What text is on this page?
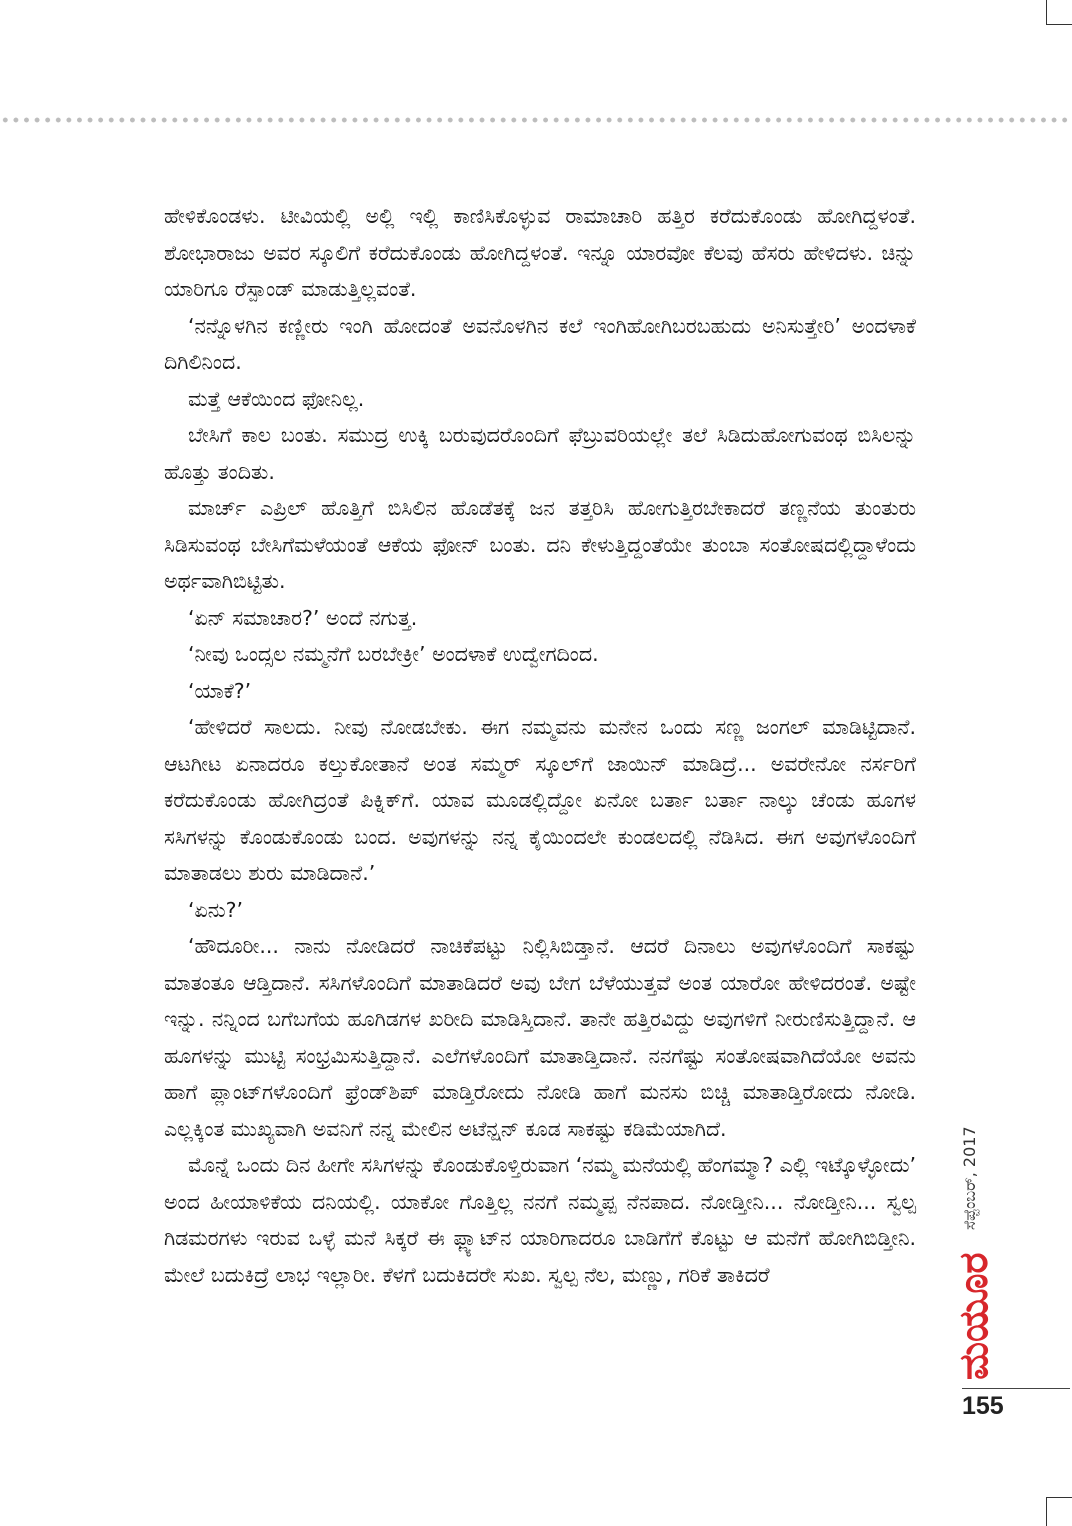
ಹೇಳಿಕೊಂಡಳು. ಟೀವಿಯಲ್ಲಿ ಅಲ್ಲಿ ಇಲ್ಲಿ ಕಾಣಿಸಿಕೊಳ್ಳುವ ರಾಮಾಚಾರಿ ಹತ್ತಿರ ಕರೆದುಕೊಂಡು ಹೋಗಿದ್ದಳಂತೆ. ಶೋಭಾರಾಜು ಅವರ ಸ್ಕೂಲಿಗೆ ಕರೆದುಕೊಂಡು ಹೋಗಿದ್ದಳಂತೆ. ಇನ್ನೂ ಯಾರವೋ ಕೆಲವು ಹೆಸರು ಹೇಳಿದಳು. ಚಿನ್ನು ಯಾರಿಗೂ ರೆಸ್ಪಾಂಡ್ ಮಾಡುತ್ತಿಲ್ಲವಂತೆ.

‘ನನ್ನೊಳಗಿನ ಕಣ್ಣೀರು ಇಂಗಿ ಹೋದಂತೆ ಅವನೊಳಗಿನ ಕಲೆ ಇಂಗಿಹೋಗಿಬರಬಹುದು ಅನಿಸುತ್ತೇರಿ’ ಅಂದಳಾಕೆ ದಿಗಿಲಿನಿಂದ.

ಮತ್ತೆ ಆಕೆಯಿಂದ ಫೋನಿಲ್ಲ.

ಬೇಸಿಗೆ ಕಾಲ ಬಂತು. ಸಮುದ್ರ ಉಕ್ಕಿ ಬರುವುದರೊಂದಿಗೆ ಫೆಬ್ರುವರಿಯಲ್ಲೇ ತಲೆ ಸಿಡಿದುಹೋಗುವಂಥ ಬಿಸಿಲನ್ನು ಹೊತ್ತು ತಂದಿತು.

ಮಾರ್ಚ್ ಎಪ್ರಿಲ್ ಹೊತ್ತಿಗೆ ಬಿಸಿಲಿನ ಹೊಡೆತಕ್ಕೆ ಜನ ತತ್ತರಿಸಿ ಹೋಗುತ್ತಿರಬೇಕಾದರೆ ತಣ್ಣನೆಯ ತುಂತುರು ಸಿಡಿಸುವಂಥ ಬೇಸಿಗೆಮಳೆಯಂತೆ ಆಕೆಯ ಫೋನ್ ಬಂತು. ದನಿ ಕೇಳುತ್ತಿದ್ದಂತೆಯೇ ತುಂಬಾ ಸಂತೋಷದಲ್ಲಿದ್ದಾಳೆಂದು ಅರ್ಥವಾಗಿಬಿಟ್ಟಿತು.

‘ಏನ್ ಸಮಾಚಾರ?’ ಅಂದೆ ನಗುತ್ತ.

‘ನೀವು ಒಂದ್ಸಲ ನಮ್ಮನೆಗೆ ಬರಬೇಕ್ರೀ’ ಅಂದಳಾಕೆ ಉದ್ವೇಗದಿಂದ.

‘ಯಾಕೆ?’

‘ಹೇಳಿದರೆ ಸಾಲದು. ನೀವು ನೋಡಬೇಕು. ಈಗ ನಮ್ಮವನು ಮನೇನ ಒಂದು ಸಣ್ಣ ಜಂಗಲ್ ಮಾಡಿಟ್ಟಿದಾನೆ. ಆಟಗೀಟ ಏನಾದರೂ ಕಲ್ತುಕೋತಾನೆ ಅಂತ ಸಮ್ಮರ್ ಸ್ಕೂಲ್‌ಗೆ ಜಾಯಿನ್ ಮಾಡಿದ್ರೆ... ಅವರೇನೋ ನರ್ಸರಿಗೆ ಕರೆದುಕೊಂಡು ಹೋಗಿದ್ರಂತೆ ಪಿಕ್ನಿಕ್‌ಗೆ. ಯಾವ ಮೂಡಲ್ಲಿದ್ದೋ ಏನೋ ಬರ್ತಾ ಬರ್ತಾ ನಾಲ್ಕು ಚೆಂಡು ಹೂಗಳ ಸಸಿಗಳನ್ನು ಕೊಂಡುಕೊಂಡು ಬಂದ. ಅವುಗಳನ್ನು ನನ್ನ ಕೈಯಿಂದಲೇ ಕುಂಡಲದಲ್ಲಿ ನೆಡಿಸಿದ. ಈಗ ಅವುಗಳೊಂದಿಗೆ ಮಾತಾಡಲು ಶುರು ಮಾಡಿದಾನೆ.’

‘ಏನು?’

‘ಹೌದೂರೀ... ನಾನು ನೋಡಿದರೆ ನಾಚಿಕೆಪಟ್ಟು ನಿಲ್ಲಿಸಿಬಿಡ್ತಾನೆ. ಆದರೆ ದಿನಾಲು ಅವುಗಳೊಂದಿಗೆ ಸಾಕಷ್ಟು ಮಾತಂತೂ ಆಡ್ತಿದಾನೆ. ಸಸಿಗಳೊಂದಿಗೆ ಮಾತಾಡಿದರೆ ಅವು ಬೇಗ ಬೆಳೆಯುತ್ತವೆ ಅಂತ ಯಾರೋ ಹೇಳಿದರಂತೆ. ಅಷ್ಟೇ ಇನ್ನು. ನನ್ನಿಂದ ಬಗೆಬಗೆಯ ಹೂಗಿಡಗಳ ಖರೀದಿ ಮಾಡಿಸ್ತಿದಾನೆ. ತಾನೇ ಹತ್ತಿರವಿದ್ದು ಅವುಗಳಿಗೆ ನೀರುಣಿಸುತ್ತಿದ್ದಾನೆ. ಆ ಹೂಗಳನ್ನು ಮುಟ್ಟಿ ಸಂಭ್ರಮಿಸುತ್ತಿದ್ದಾನೆ. ಎಲೆಗಳೊಂದಿಗೆ ಮಾತಾಡ್ತಿದಾನೆ. ನನಗೆಷ್ಟು ಸಂತೋಷವಾಗಿದೆಯೋ ಅವನು ಹಾಗೆ ಪ್ಲಾಂಟ್‌ಗಳೊಂದಿಗೆ ಫ್ರೆಂಡ್‌ಶಿಪ್ ಮಾಡ್ತಿರೋದು ನೋಡಿ ಹಾಗೆ ಮನಸು ಬಿಚ್ಚಿ ಮಾತಾಡ್ತಿರೋದು ನೋಡಿ. ಎಲ್ಲಕ್ಕಿಂತ ಮುಖ್ಯವಾಗಿ ಅವನಿಗೆ ನನ್ನ ಮೇಲಿನ ಅಟೆನ್ಷನ್ ಕೂಡ ಸಾಕಷ್ಟು ಕಡಿಮೆಯಾಗಿದೆ.

ಮೊನ್ನೆ ಒಂದು ದಿನ ಹೀಗೇ ಸಸಿಗಳನ್ನು ಕೊಂಡುಕೊಳ್ತಿರುವಾಗ ‘ನಮ್ಮ ಮನೆಯಲ್ಲಿ ಹೆಂಗಮ್ಮಾ? ಎಲ್ಲಿ ಇಟ್ಕೊಳ್ಳೋದು’ ಅಂದ ಹೀಯಾಳಿಕೆಯ ದನಿಯಲ್ಲಿ. ಯಾಕೋ ಗೊತ್ತಿಲ್ಲ ನನಗೆ ನಮ್ಮಪ್ಪ ನೆನಪಾದ. ನೋಡ್ತೀನಿ... ನೋಡ್ತೀನಿ... ಸ್ವಲ್ಪ ಗಿಡಮರಗಳು ಇರುವ ಒಳ್ಳೆ ಮನೆ ಸಿಕ್ಕರೆ ಈ ಫ್ಲ್ಯಾಟ್‌ನ ಯಾರಿಗಾದರೂ ಬಾಡಿಗೆಗೆ ಕೊಟ್ಟು ಆ ಮನೆಗೆ ಹೋಗಿಬಿಡ್ತೀನಿ. ಮೇಲೆ ಬದುಕಿದ್ರೆ ಲಾಭ ಇಲ್ಲಾರೀ. ಕೆಳಗೆ ಬದುಕಿದರೇ ಸುಖ. ಸ್ವಲ್ಪ ನೆಲ, ಮಣ್ಣು, ಗರಿಕೆ ತಾಕಿದರೆ

ಸೆಪ್ಟೆಂಬರ್, 2017
ಮಯೂರ
155
